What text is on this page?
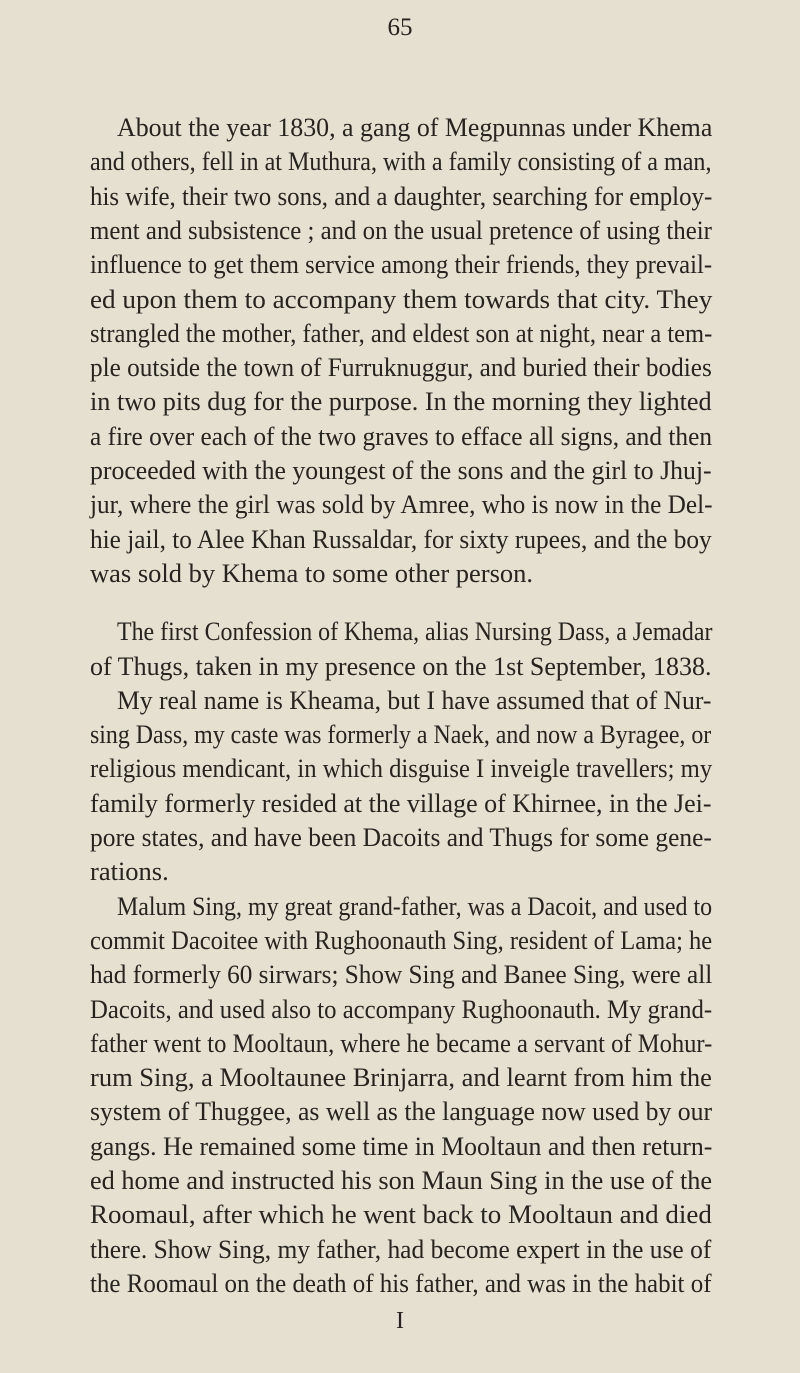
65
About the year 1830, a gang of Megpunnas under Khema
and others, fell in at Muthura, with a family consisting of a man,
his wife, their two sons, and a daughter, searching for employ-
ment and subsistence ; and on the usual pretence of using their
influence to get them service among their friends, they prevail-
ed upon them to accompany them towards that city. They
strangled the mother, father, and eldest son at night, near a tem-
ple outside the town of Furruknuggur, and buried their bodies
in two pits dug for the purpose. In the morning they lighted
a fire over each of the two graves to efface all signs, and then
proceeded with the youngest of the sons and the girl to Jhuj-
jur, where the girl was sold by Amree, who is now in the Del-
hie jail, to Alee Khan Russaldar, for sixty rupees, and the boy
was sold by Khema to some other person.
The first Confession of Khema, alias Nursing Dass, a Jemadar
of Thugs, taken in my presence on the 1st September, 1838.
My real name is Kheama, but I have assumed that of Nur-
sing Dass, my caste was formerly a Naek, and now a Byragee, or
religious mendicant, in which disguise I inveigle travellers; my
family formerly resided at the village of Khirnee, in the Jei-
pore states, and have been Dacoits and Thugs for some gene-
rations.
Malum Sing, my great grand-father, was a Dacoit, and used to
commit Dacoitee with Rughoonauth Sing, resident of Lama; he
had formerly 60 sirwars; Show Sing and Banee Sing, were all
Dacoits, and used also to accompany Rughoonauth. My grand-
father went to Mooltaun, where he became a servant of Mohur-
rum Sing, a Mooltaunee Brinjarra, and learnt from him the
system of Thuggee, as well as the language now used by our
gangs. He remained some time in Mooltaun and then return-
ed home and instructed his son Maun Sing in the use of the
Roomaul, after which he went back to Mooltaun and died
there. Show Sing, my father, had become expert in the use of
the Roomaul on the death of his father, and was in the habit of
I
